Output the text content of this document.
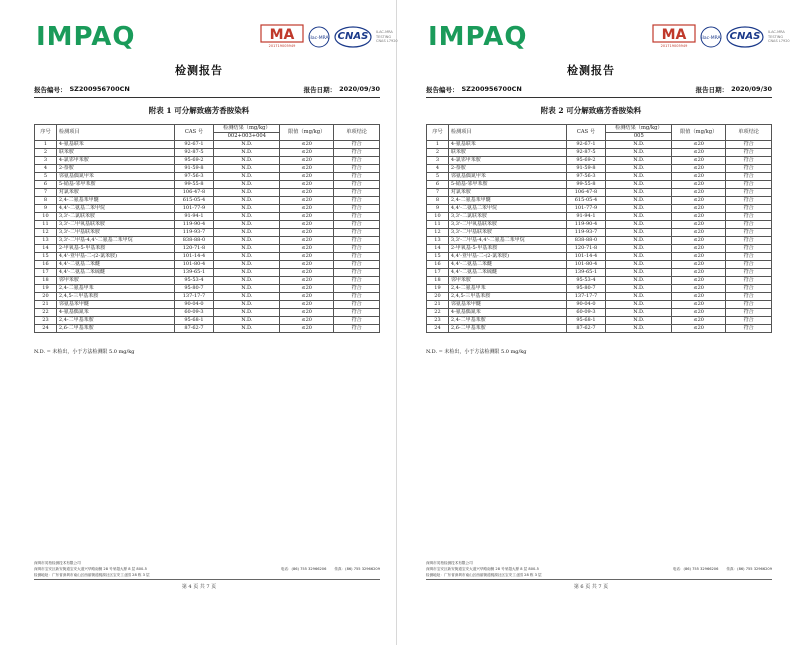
IMPAQ	MA
201719005949
ilac-MRA CNAS	ILAC-MRA
TESTING
CNAS L7920
检测报告
报告编号： SZ200956700CN	报告日期： 2020/09/30
附表 1 可分解致癌芳香胺染料
序号	检测项目	CAS 号	检测结果（mg/kg）	限值（mg/kg）	单项结论
			002+003+004		
1	4-氨基联苯	92-67-1	N.D.	≤20	符合
2	联苯胺	92-87-5	N.D.	≤20	符合
3	4-氯邻甲苯胺	95-69-2	N.D.	≤20	符合
4	2-萘胺	91-59-8	N.D.	≤20	符合
5	邻氨基偶氮甲苯	97-56-3	N.D.	≤20	符合
6	5-硝基-邻甲苯胺	99-55-8	N.D.	≤20	符合
7	对氯苯胺	106-47-8	N.D.	≤20	符合
8	2,4-二氨基苯甲醚	615-05-4	N.D.	≤20	符合
9	4,4'-二氨基二苯甲烷	101-77-9	N.D.	≤20	符合
10	3,3'-二氯联苯胺	91-94-1	N.D.	≤20	符合
11	3,3'-二甲氧基联苯胺	119-90-4	N.D.	≤20	符合
12	3,3'-二甲基联苯胺	119-93-7	N.D.	≤20	符合
13	3,3'-二甲基-4,4'-二氨基二苯甲烷	838-88-0	N.D.	≤20	符合
14	2-甲氧基-5-甲基苯胺	120-71-8	N.D.	≤20	符合
15	4,4'-亚甲基-二-(2-氯苯胺)	101-14-4	N.D.	≤20	符合
16	4,4'-二氨基二苯醚	101-80-4	N.D.	≤20	符合
17	4,4'-二氨基二苯硫醚	139-65-1	N.D.	≤20	符合
18	邻甲苯胺	95-53-4	N.D.	≤20	符合
19	2,4-二氨基甲苯	95-80-7	N.D.	≤20	符合
20	2,4,5-三甲基苯胺	137-17-7	N.D.	≤20	符合
21	邻氨基苯甲醚	90-04-0	N.D.	≤20	符合
22	4-氨基偶氮苯	60-09-3	N.D.	≤20	符合
23	2,4-二甲基苯胺	95-68-1	N.D.	≤20	符合
24	2,6-二甲基苯胺	87-62-7	N.D.	≤20	符合
N.D. = 未检出，小于方法检测限 5.0 mg/kg
深圳市英柏检测技术有限公司
深圳市宝安区新安街道宝安大道兴华路南侧 28 号荣超大厦 8 层 800-5	电话：(86) 755 32966206 传真：(86) 755 32966209
检测地址：广东省深圳市南山区西丽街道桃源社区宝安工业园 28 栋 3 层
第 4 页 共 7 页
IMPAQ	MA
201719005949
ilac-MRA CNAS	ILAC-MRA
TESTING
CNAS L7920
检测报告
报告编号： SZ200956700CN	报告日期： 2020/09/30
附表 2 可分解致癌芳香胺染料
序号	检测项目	CAS 号	检测结果（mg/kg）	限值（mg/kg）	单项结论
			005		
1	4-氨基联苯	92-67-1	N.D.	≤20	符合
2	联苯胺	92-87-5	N.D.	≤20	符合
3	4-氯邻甲苯胺	95-69-2	N.D.	≤20	符合
4	2-萘胺	91-59-8	N.D.	≤20	符合
5	邻氨基偶氮甲苯	97-56-3	N.D.	≤20	符合
6	5-硝基-邻甲苯胺	99-55-8	N.D.	≤20	符合
7	对氯苯胺	106-47-8	N.D.	≤20	符合
8	2,4-二氨基苯甲醚	615-05-4	N.D.	≤20	符合
9	4,4'-二氨基二苯甲烷	101-77-9	N.D.	≤20	符合
10	3,3'-二氯联苯胺	91-94-1	N.D.	≤20	符合
11	3,3'-二甲氧基联苯胺	119-90-4	N.D.	≤20	符合
12	3,3'-二甲基联苯胺	119-93-7	N.D.	≤20	符合
13	3,3'-二甲基-4,4'-二氨基二苯甲烷	838-88-0	N.D.	≤20	符合
14	2-甲氧基-5-甲基苯胺	120-71-8	N.D.	≤20	符合
15	4,4'-亚甲基-二-(2-氯苯胺)	101-14-4	N.D.	≤20	符合
16	4,4'-二氨基二苯醚	101-80-4	N.D.	≤20	符合
17	4,4'-二氨基二苯硫醚	139-65-1	N.D.	≤20	符合
18	邻甲苯胺	95-53-4	N.D.	≤20	符合
19	2,4-二氨基甲苯	95-80-7	N.D.	≤20	符合
20	2,4,5-三甲基苯胺	137-17-7	N.D.	≤20	符合
21	邻氨基苯甲醚	90-04-0	N.D.	≤20	符合
22	4-氨基偶氮苯	60-09-3	N.D.	≤20	符合
23	2,4-二甲基苯胺	95-68-1	N.D.	≤20	符合
24	2,6-二甲基苯胺	87-62-7	N.D.	≤20	符合
N.D. = 未检出，小于方法检测限 5.0 mg/kg
深圳市英柏检测技术有限公司
深圳市宝安区新安街道宝安大道兴华路南侧 28 号荣超大厦 8 层 800-5	电话：(86) 755 32966206 传真：(86) 755 32966209
检测地址：广东省深圳市南山区西丽街道桃源社区宝安工业园 28 栋 3 层
第 6 页 共 7 页
